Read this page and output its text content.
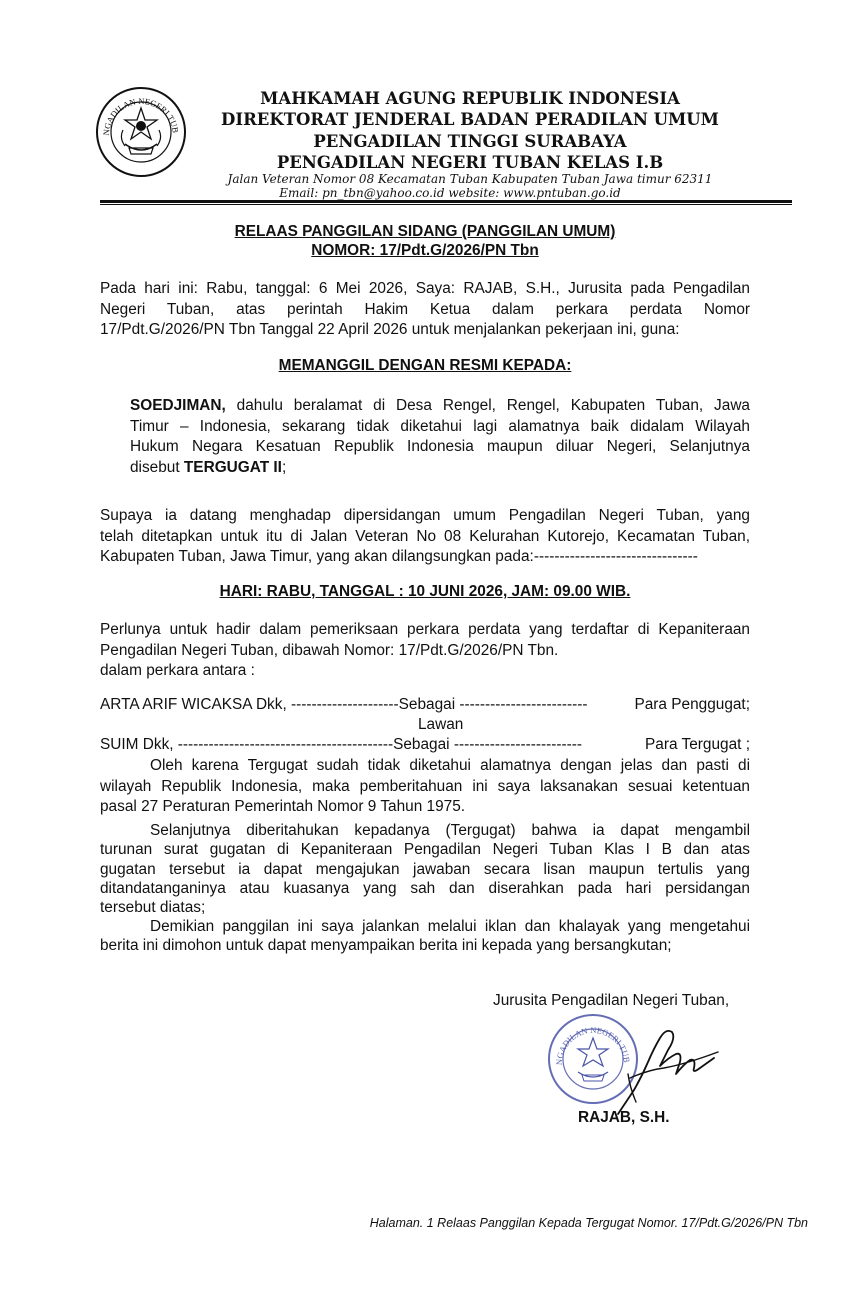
NGADILAN NEGERI TUB
MAHKAMAH AGUNG REPUBLIK INDONESIA
DIREKTORAT JENDERAL BADAN PERADILAN UMUM
PENGADILAN TINGGI SURABAYA
PENGADILAN NEGERI TUBAN KELAS I.B
Jalan Veteran Nomor 08 Kecamatan Tuban Kabupaten Tuban Jawa timur 62311
Email: pn_tbn@yahoo.co.id website: www.pntuban.go.id
RELAAS PANGGILAN SIDANG (PANGGILAN UMUM)
NOMOR: 17/Pdt.G/2026/PN Tbn
Pada hari ini: Rabu, tanggal: 6 Mei 2026, Saya: RAJAB, S.H., Jurusita pada Pengadilan
Negeri Tuban, atas perintah Hakim Ketua dalam perkara perdata Nomor
17/Pdt.G/2026/PN Tbn Tanggal 22 April 2026 untuk menjalankan pekerjaan ini, guna:
MEMANGGIL DENGAN RESMI KEPADA:
SOEDJIMAN, dahulu beralamat di Desa Rengel, Rengel, Kabupaten Tuban, Jawa
Timur – Indonesia, sekarang tidak diketahui lagi alamatnya baik didalam Wilayah
Hukum Negara Kesatuan Republik Indonesia maupun diluar Negeri, Selanjutnya
disebut TERGUGAT II;
Supaya ia datang menghadap dipersidangan umum Pengadilan Negeri Tuban, yang
telah ditetapkan untuk itu di Jalan Veteran No 08 Kelurahan Kutorejo, Kecamatan Tuban,
Kabupaten Tuban, Jawa Timur, yang akan dilangsungkan pada:--------------------------------
HARI: RABU, TANGGAL : 10 JUNI 2026, JAM: 09.00 WIB.
Perlunya untuk hadir dalam pemeriksaan perkara perdata yang terdaftar di Kepaniteraan
Pengadilan Negeri Tuban, dibawah Nomor: 17/Pdt.G/2026/PN Tbn.
dalam perkara antara :
ARTA ARIF WICAKSA Dkk, ---------------------Sebagai -------------------------	Para Penggugat;
Lawan
SUIM Dkk, ------------------------------------------Sebagai -------------------------	Para Tergugat ;
Oleh karena Tergugat sudah tidak diketahui alamatnya dengan jelas dan pasti di
wilayah Republik Indonesia, maka pemberitahuan ini saya laksanakan sesuai ketentuan
pasal 27 Peraturan Pemerintah Nomor 9 Tahun 1975.
Selanjutnya diberitahukan kepadanya (Tergugat) bahwa ia dapat mengambil
turunan surat gugatan di Kepaniteraan Pengadilan Negeri Tuban Klas I B dan atas
gugatan tersebut ia dapat mengajukan jawaban secara lisan maupun tertulis yang
ditandatanganinya atau kuasanya yang sah dan diserahkan pada hari persidangan
tersebut diatas;
Demikian panggilan ini saya jalankan melalui iklan dan khalayak yang mengetahui
berita ini dimohon untuk dapat menyampaikan berita ini kepada yang bersangkutan;
Jurusita Pengadilan Negeri Tuban,
NGADILAN NEGERI TUB
RAJAB, S.H.
Halaman. 1 Relaas Panggilan Kepada Tergugat Nomor. 17/Pdt.G/2026/PN Tbn
